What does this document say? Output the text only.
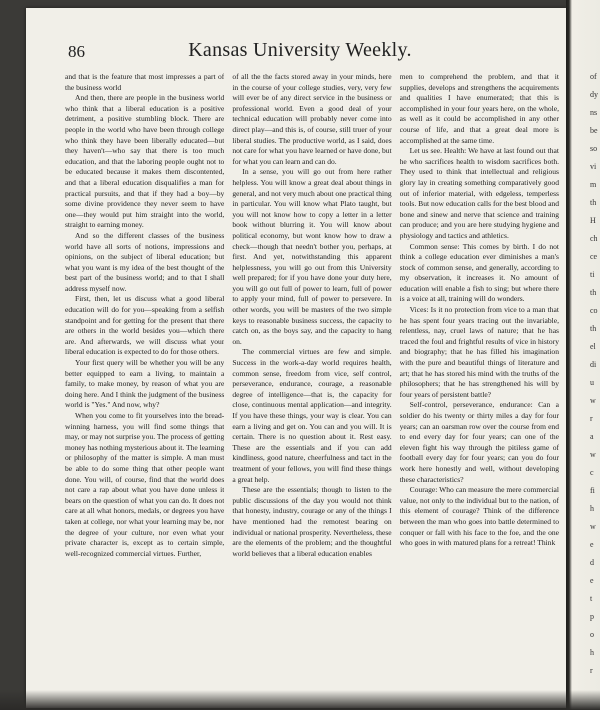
of
dy
ns
be
so
vi
m
th
H
ch
ce
ti
th
co
th
el
di
u
w
r
a
w
c
fi
h
w
e
d
e
t
p
o
h
r
86	Kansas University Weekly.

and that is the feature that most impresses a part of the business world

And then, there are people in the business world who think that a liberal education is a positive detriment, a positive stumbling block. There are people in the world who have been through college who think they have been liberally educated—but they haven't—who say that there is too much education, and that the laboring people ought not to be educated because it makes them discontented, and that a liberal education disqualifies a man for practical pursuits, and that if they had a boy—by some divine providence they never seem to have one—they would put him straight into the world, straight to earning money.

And so the different classes of the business world have all sorts of notions, impressions and opinions, on the subject of liberal education; but what you want is my idea of the best thought of the best part of the business world; and to that I shall address myself now.

First, then, let us discuss what a good liberal education will do for you—speaking from a selfish standpoint and for getting for the present that there are others in the world besides you—which there are. And afterwards, we will discuss what your liberal education is expected to do for those others.

Your first query will be whether you will be any better equipped to earn a living, to maintain a family, to make money, by reason of what you are doing here. And I think the judgment of the business world is "Yes." And now, why?

When you come to fit yourselves into the bread-winning harness, you will find some things that may, or may not surprise you. The process of getting money has nothing mysterious about it. The learning or philosophy of the matter is simple. A man must be able to do some thing that other people want done. You will, of course, find that the world does not care a rap about what you have done unless it bears on the question of what you can do. It does not care at all what honors, medals, or degrees you have taken at college, nor what your learning may be, nor the degree of your culture, nor even what your private character is, except as to certain simple, well-recognized commercial virtues. Further,

of all the the facts stored away in your minds, here in the course of your college studies, very, very few will ever be of any direct service in the business or professional world. Even a good deal of your technical education will probably never come into direct play—and this is, of course, still truer of your liberal studies. The productive world, as I said, does not care for what you have learned or have done, but for what you can learn and can do.

In a sense, you will go out from here rather helpless. You will know a great deal about things in general, and not very much about one practical thing in particular. You will know what Plato taught, but you will not know how to copy a letter in a letter book without blurring it. You will know about political economy, but wont know how to draw a check—though that needn't bother you, perhaps, at first. And yet, notwithstanding this apparent helplessness, you will go out from this University well prepared; for if you have done your duty here, you will go out full of power to learn, full of power to apply your mind, full of power to persevere. In other words, you will be masters of the two simple keys to reasonable business success, the capacity to catch on, as the boys say, and the capacity to hang on.

The commercial virtues are few and simple. Success in the work-a-day world requires health, common sense, freedom from vice, self control, perseverance, endurance, courage, a reasonable degree of intelligence—that is, the capacity for close, continuous mental application—and integrity. If you have these things, your way is clear. You can earn a living and get on. You can and you will. It is certain. There is no question about it. Rest easy. These are the essentials and if you can add kindliness, good nature, cheerfulness and tact in the treatment of your fellows, you will find these things a great help.

These are the essentials; though to listen to the public discussions of the day you would not think that honesty, industry, courage or any of the things I have mentioned had the remotest bearing on individual or national prosperity. Nevertheless, these are the elements of the problem; and the thoughtful world believes that a liberal education enables

men to comprehend the problem, and that it supplies, develops and strengthens the acquirements and qualities I have enumerated; that this is accomplished in your four years here, on the whole, as well as it could be accomplished in any other course of life, and that a great deal more is accomplished at the same time.

Let us see. Health: We have at last found out that he who sacrifices health to wisdom sacrifices both. They used to think that intellectual and religious glory lay in creating something comparatively good out of inferior material, with edgeless, temperless tools. But now education calls for the best blood and bone and sinew and nerve that science and training can produce; and you are here studying hygiene and physiology and tactics and athletics.

Common sense: This comes by birth. I do not think a college education ever diminishes a man's stock of common sense, and generally, according to my observation, it increases it. No amount of education will enable a fish to sing; but where there is a voice at all, training will do wonders.

Vices: Is it no protection from vice to a man that he has spent four years tracing out the invariable, relentless, nay, cruel laws of nature; that he has traced the foul and frightful results of vice in history and biography; that he has filled his imagination with the pure and beautiful things of literature and art; that he has stored his mind with the truths of the philosophers; that he has strengthened his will by four years of persistent battle?

Self-control, perseverance, endurance: Can a soldier do his twenty or thirty miles a day for four years; can an oarsman row over the course from end to end every day for four years; can one of the eleven fight his way through the pitiless game of football every day for four years; can you do four work here honestly and well, without developing these characteristics?

Courage: Who can measure the mere commercial value, not only to the individual but to the nation, of this element of courage? Think of the difference between the man who goes into battle determined to conquer or fall with his face to the foe, and the one who goes in with matured plans for a retreat! Think
